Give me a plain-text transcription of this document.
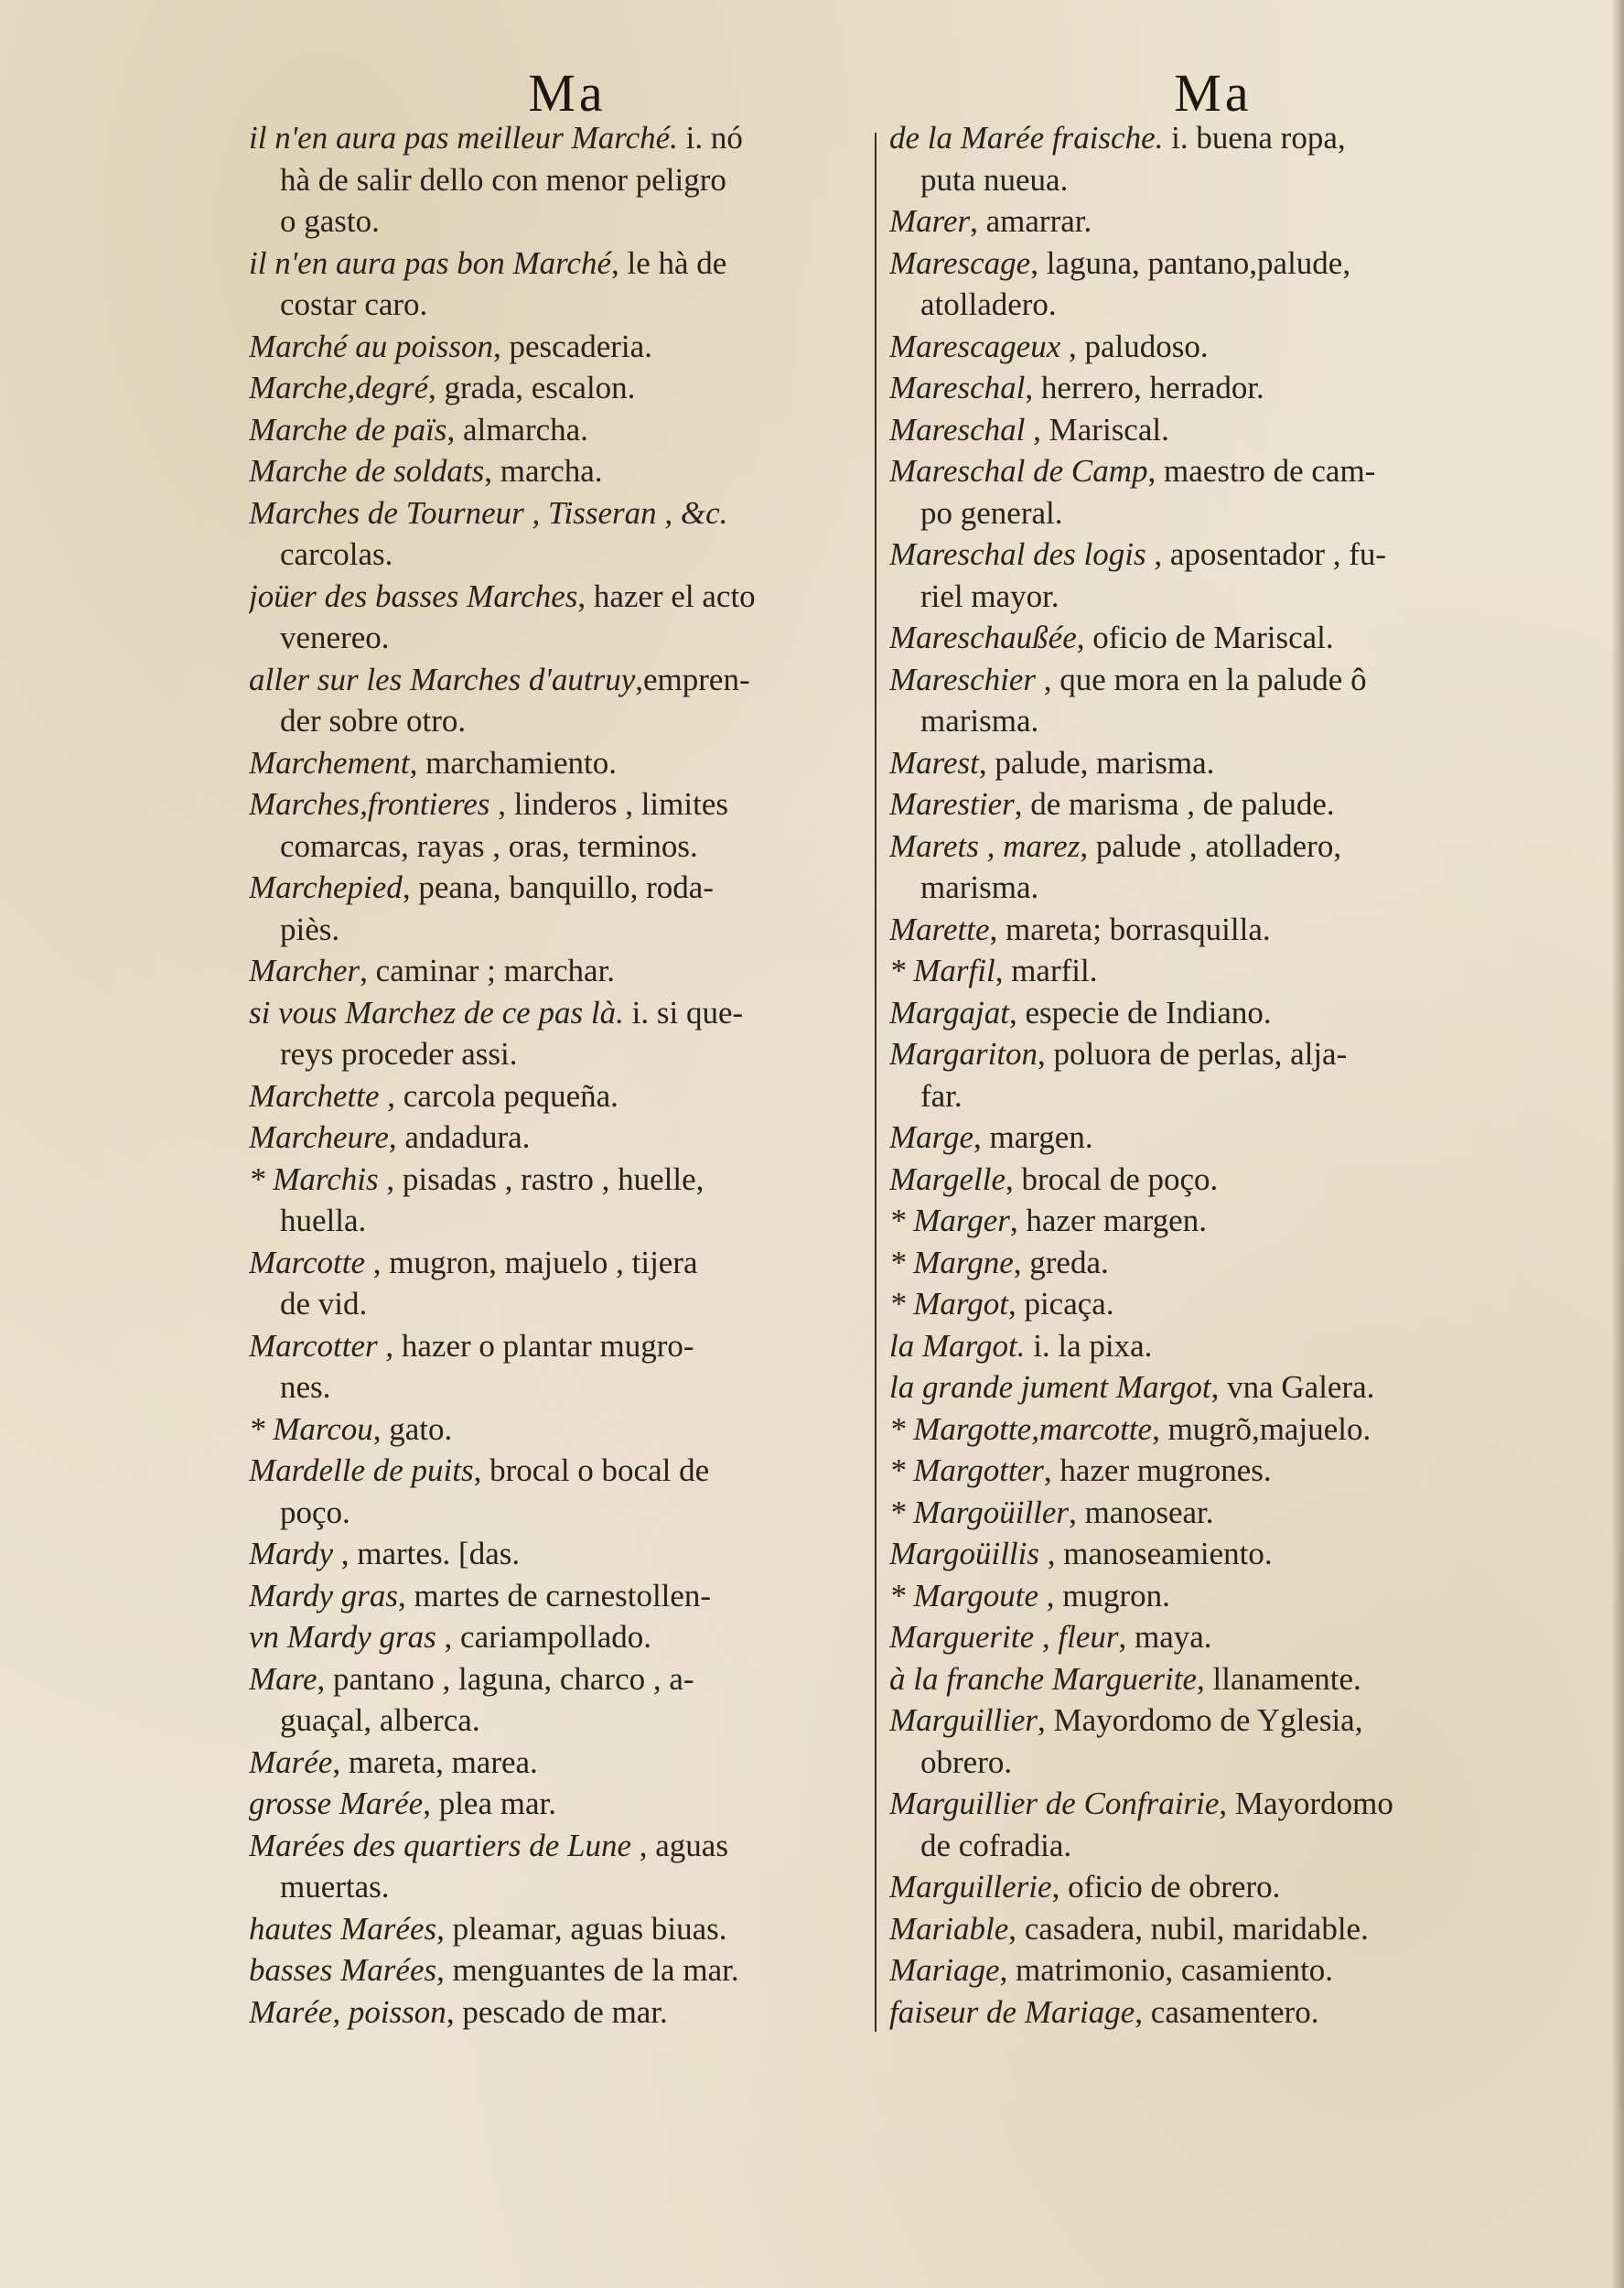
Ma	Ma
il n'en aura pas meilleur Marché. i. nó
hà de salir dello con menor peligro
o gasto.
il n'en aura pas bon Marché, le hà de
costar caro.
Marché au poisson, pescaderia.
Marche,degré, grada, escalon.
Marche de païs, almarcha.
Marche de soldats, marcha.
Marches de Tourneur , Tisseran , &c.
carcolas.
joüer des basses Marches, hazer el acto
venereo.
aller sur les Marches d'autruy,empren-
der sobre otro.
Marchement, marchamiento.
Marches,frontieres , linderos , limites
comarcas, rayas , oras, terminos.
Marchepied, peana, banquillo, roda-
piès.
Marcher, caminar ; marchar.
si vous Marchez de ce pas là. i. si que-
reys proceder assi.
Marchette , carcola pequeña.
Marcheure, andadura.
* Marchis , pisadas , rastro , huelle,
huella.
Marcotte , mugron, majuelo , tijera
de vid.
Marcotter , hazer o plantar mugro-
nes.
* Marcou, gato.
Mardelle de puits, brocal o bocal de
poço.
Mardy , martes. [das.
Mardy gras, martes de carnestollen-
vn Mardy gras , cariampollado.
Mare, pantano , laguna, charco , a-
guaçal, alberca.
Marée, mareta, marea.
grosse Marée, plea mar.
Marées des quartiers de Lune , aguas
muertas.
hautes Marées, pleamar, aguas biuas.
basses Marées, menguantes de la mar.
Marée, poisson, pescado de mar.
de la Marée fraische. i. buena ropa,
puta nueua.
Marer, amarrar.
Marescage, laguna, pantano,palude,
atolladero.
Marescageux , paludoso.
Mareschal, herrero, herrador.
Mareschal , Mariscal.
Mareschal de Camp, maestro de cam-
po general.
Mareschal des logis , aposentador , fu-
riel mayor.
Mareschaußée, oficio de Mariscal.
Mareschier , que mora en la palude ô
marisma.
Marest, palude, marisma.
Marestier, de marisma , de palude.
Marets , marez, palude , atolladero,
marisma.
Marette, mareta; borrasquilla.
* Marfil, marfil.
Margajat, especie de Indiano.
Margariton, poluora de perlas, alja-
far.
Marge, margen.
Margelle, brocal de poço.
* Marger, hazer margen.
* Margne, greda.
* Margot, picaça.
la Margot. i. la pixa.
la grande jument Margot, vna Galera.
* Margotte,marcotte, mugrõ,majuelo.
* Margotter, hazer mugrones.
* Margoüiller, manosear.
Margoüillis , manoseamiento.
* Margoute , mugron.
Marguerite , fleur, maya.
à la franche Marguerite, llanamente.
Marguillier, Mayordomo de Yglesia,
obrero.
Marguillier de Confrairie, Mayordomo
de cofradia.
Marguillerie, oficio de obrero.
Mariable, casadera, nubil, maridable.
Mariage, matrimonio, casamiento.
faiseur de Mariage, casamentero.
